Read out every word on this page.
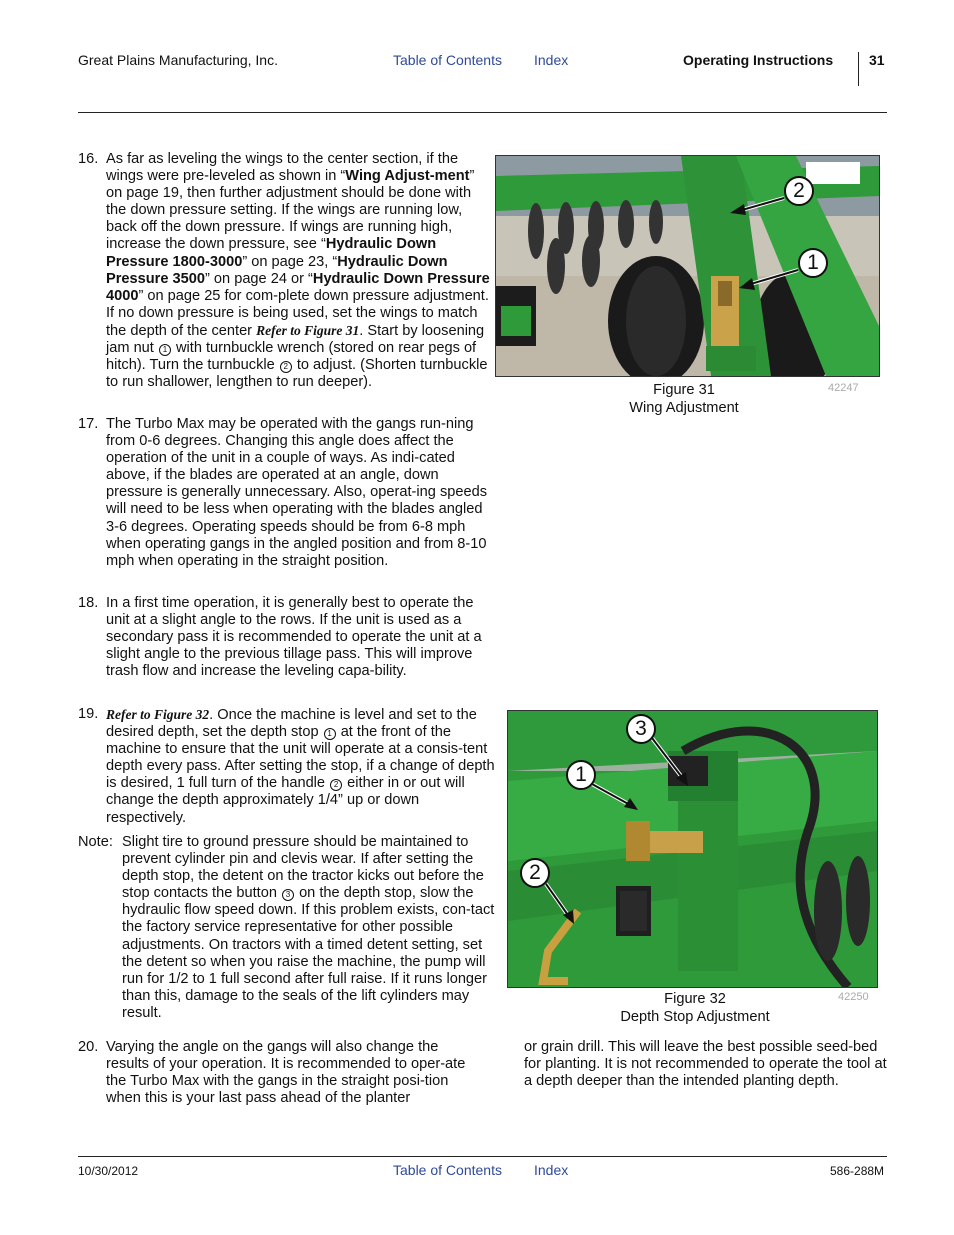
Great Plains Manufacturing, Inc.	Table of Contents Index	Operating Instructions	31
16. As far as leveling the wings to the center section, if the wings were pre-leveled as shown in “Wing Adjust-ment” on page 19, then further adjustment should be done with the down pressure setting. If the wings are running low, back off the down pressure. If wings are running high, increase the down pressure, see “Hydraulic Down Pressure 1800-3000” on page 23, “Hydraulic Down Pressure 3500” on page 24 or “Hydraulic Down Pressure 4000” on page 25 for com-plete down pressure adjustment. If no down pressure is being used, set the wings to match the depth of the center Refer to Figure 31. Start by loosening jam nut 1 with turnbuckle wrench (stored on rear pegs of hitch). Turn the turnbuckle 2 to adjust. (Shorten turnbuckle to run shallower, lengthen to run deeper).
17. The Turbo Max may be operated with the gangs run-ning from 0-6 degrees. Changing this angle does affect the operation of the unit in a couple of ways. As indi-cated above, if the blades are operated at an angle, down pressure is generally unnecessary. Also, operat-ing speeds will need to be less when operating with the blades angled 3-6 degrees. Operating speeds should be from 6-8 mph when operating gangs in the angled position and from 8-10 mph when operating in the straight position.
18. In a first time operation, it is generally best to operate the unit at a slight angle to the rows. If the unit is used as a secondary pass it is recommended to operate the unit at a slight angle to the previous tillage pass. This will improve trash flow and increase the leveling capa-bility.
19. Refer to Figure 32. Once the machine is level and set to the desired depth, set the depth stop 1 at the front of the machine to ensure that the unit will operate at a consis-tent depth every pass. After setting the stop, if a change of depth is desired, 1 full turn of the handle 2 either in or out will change the depth approximately 1/4” up or down respectively.
Note: Slight tire to ground pressure should be maintained to prevent cylinder pin and clevis wear. If after setting the depth stop, the detent on the tractor kicks out before the stop contacts the button 3 on the depth stop, slow the hydraulic flow speed down. If this problem exists, con-tact the factory service representative for other possible adjustments. On tractors with a timed detent setting, set the detent so when you raise the machine, the pump will run for 1/2 to 1 full second after full raise. If it runs longer than this, damage to the seals of the lift cylinders may result.
20. Varying the angle on the gangs will also change the results of your operation. It is recommended to oper-ate the Turbo Max with the gangs in the straight posi-tion when this is your last pass ahead of the planter
or grain drill. This will leave the best possible seed-bed for planting. It is not recommended to operate the tool at a depth deeper than the intended planting depth.
2
1
Figure 31
Wing Adjustment
42247
3
1
2
Figure 32
Depth Stop Adjustment
42250
10/30/2012	Table of Contents Index	586-288M
